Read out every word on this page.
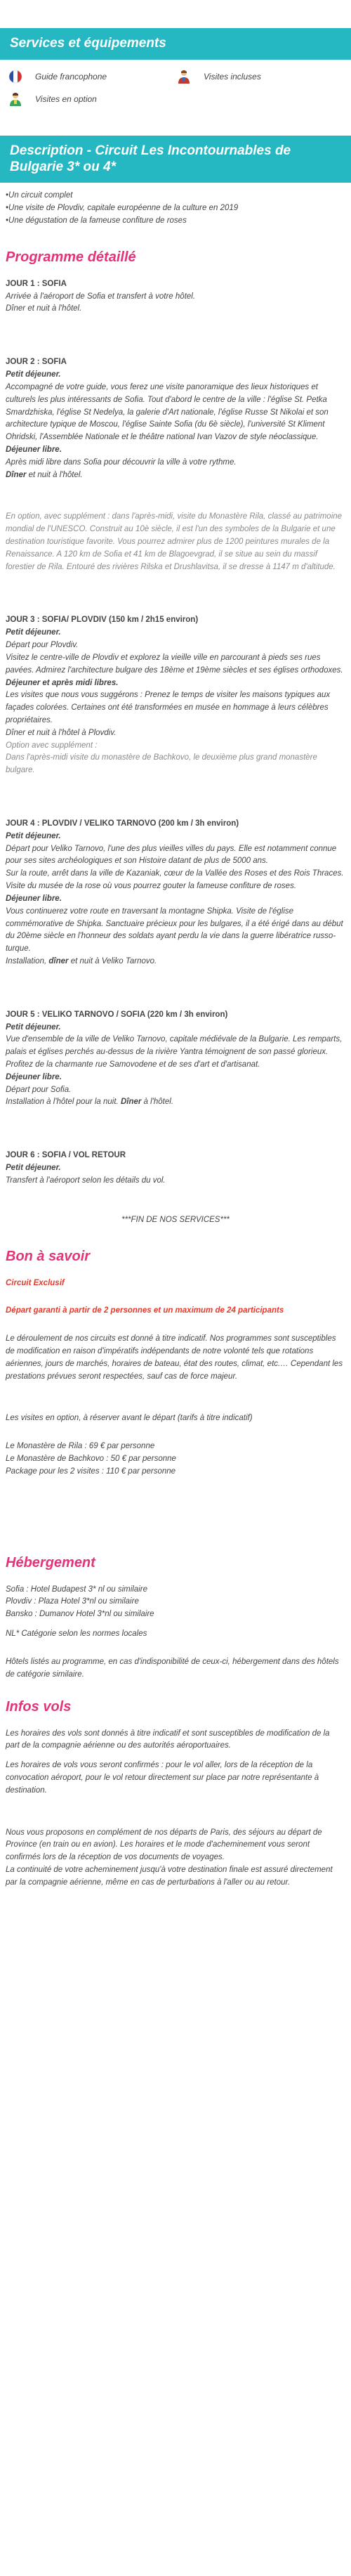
Services et équipements
Guide francophone	Visites incluses
Visites en option
Description - Circuit Les Incontournables de Bulgarie 3* ou 4*
• Un circuit complet
• Une visite de Plovdiv, capitale européenne de la culture en 2019
• Une dégustation de la fameuse confiture de roses
Programme détaillé

JOUR 1 : SOFIA

Arrivée à l'aéroport de Sofia et transfert à votre hôtel.

Dîner et nuit à l'hôtel.

JOUR 2 : SOFIA

Petit déjeuner.

Accompagné de votre guide, vous ferez une visite panoramique des lieux historiques et culturels les plus intéressants de Sofia. Tout d'abord le centre de la ville : l'église St. Petka Smardzhiska, l'église St Nedelya, la galerie d'Art nationale, l'église Russe St Nikolai et son architecture typique de Moscou, l'église Sainte Sofia (du 6è siècle), l'université St Kliment Ohridski, l'Assemblée Nationale et le théâtre national Ivan Vazov de style néoclassique.

Déjeuner libre.

Après midi libre dans Sofia pour découvrir la ville à votre rythme.

Dîner et nuit à l'hôtel.

En option, avec supplément : dans l'après-midi, visite du Monastère Rila, classé au patrimoine mondial de l'UNESCO. Construit au 10è siècle, il est l'un des symboles de la Bulgarie et une destination touristique favorite. Vous pourrez admirer plus de 1200 peintures murales de la Renaissance. A 120 km de Sofia et 41 km de Blagoevgrad, il se situe au sein du massif forestier de Rila. Entouré des rivières Rilska et Drushlavitsa, il se dresse à 1147 m d'altitude.

JOUR 3 : SOFIA/ PLOVDIV (150 km / 2h15 environ)

Petit déjeuner.

Départ pour Plovdiv.

Visitez le centre-ville de Plovdiv et explorez la vieille ville en parcourant à pieds ses rues pavées. Admirez l'architecture bulgare des 18ème et 19ème siècles et ses églises orthodoxes.

Déjeuner et après midi libres.

Les visites que nous vous suggérons : Prenez le temps de visiter les maisons typiques aux façades colorées. Certaines ont été transformées en musée en hommage à leurs célèbres propriétaires.

Dîner et nuit à l'hôtel à Plovdiv.

Option avec supplément :

Dans l'après-midi visite du monastère de Bachkovo, le deuxième plus grand monastère bulgare.

JOUR 4 : PLOVDIV / VELIKO TARNOVO (200 km / 3h environ)

Petit déjeuner.

Départ pour Veliko Tarnovo, l'une des plus vieilles villes du pays. Elle est notamment connue pour ses sites archéologiques et son Histoire datant de plus de 5000 ans.

Sur la route, arrêt dans la ville de Kazaniak, cœur de la Vallée des Roses et des Rois Thraces. Visite du musée de la rose où vous pourrez gouter la fameuse confiture de roses.

Déjeuner libre.

Vous continuerez votre route en traversant la montagne Shipka. Visite de l'église commémorative de Shipka. Sanctuaire précieux pour les bulgares, il a été érigé dans au début du 20ème siècle en l'honneur des soldats ayant perdu la vie dans la guerre libératrice russo-turque.

Installation, dîner et nuit à Veliko Tarnovo.

JOUR 5 : VELIKO TARNOVO / SOFIA (220 km / 3h environ)

Petit déjeuner.

Vue d'ensemble de la ville de Veliko Tarnovo, capitale médiévale de la Bulgarie. Les remparts, palais et églises perchés au-dessus de la rivière Yantra témoignent de son passé glorieux. Profitez de la charmante rue Samovodene et de ses d'art et d'artisanat.

Déjeuner libre.

Départ pour Sofia.

Installation à l'hôtel pour la nuit. Dîner à l'hôtel.

JOUR 6 : SOFIA / VOL RETOUR

Petit déjeuner.

Transfert à l'aéroport selon les détails du vol.

***FIN DE NOS SERVICES***

Bon à savoir

Circuit Exclusif

Départ garanti à partir de 2 personnes et un maximum de 24 participants

Le déroulement de nos circuits est donné à titre indicatif. Nos programmes sont susceptibles de modification en raison d'impératifs indépendants de notre volonté tels que rotations aériennes, jours de marchés, horaires de bateau, état des routes, climat, etc.… Cependant les prestations prévues seront respectées, sauf cas de force majeur.

Les visites en option, à réserver avant le départ (tarifs à titre indicatif)

Le Monastère de Rila : 69 € par personne

Le Monastère de Bachkovo : 50 € par personne

Package pour les 2 visites : 110 € par personne

Hébergement

Sofia : Hotel Budapest 3* nl ou similaire

Plovdiv : Plaza Hotel 3*nl ou similaire

Bansko : Dumanov Hotel 3*nl ou similaire

NL* Catégorie selon les normes locales

Hôtels listés au programme, en cas d'indisponibilité de ceux-ci, hébergement dans des hôtels de catégorie similaire.

Infos vols

Les horaires des vols sont donnés à titre indicatif et sont susceptibles de modification de la part de la compagnie aérienne ou des autorités aéroportuaires.

Les horaires de vols vous seront confirmés : pour le vol aller, lors de la réception de la convocation aéroport, pour le vol retour directement sur place par notre représentante à destination.

Nous vous proposons en complément de nos départs de Paris, des séjours au départ de Province (en train ou en avion). Les horaires et le mode d'acheminement vous seront confirmés lors de la réception de vos documents de voyages.

La continuité de votre acheminement jusqu'à votre destination finale est assuré directement par la compagnie aérienne, même en cas de perturbations à l'aller ou au retour.
